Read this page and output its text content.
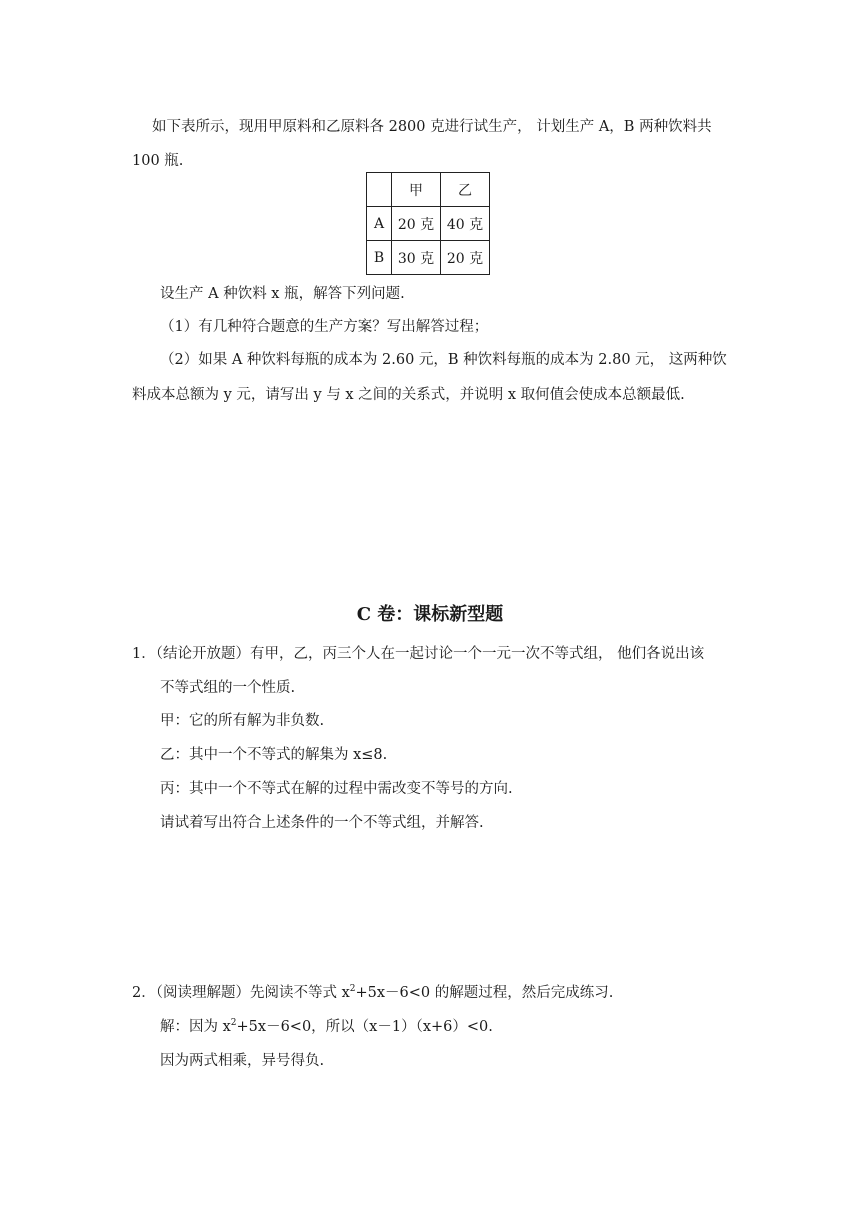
如下表所示，现用甲原料和乙原料各 2800 克进行试生产， 计划生产 A，B 两种饮料共
100 瓶.
	甲	乙
A	20 克	40 克
B	30 克	20 克
设生产 A 种饮料 x 瓶，解答下列问题.
（1）有几种符合题意的生产方案？写出解答过程；
（2）如果 A 种饮料每瓶的成本为 2.60 元，B 种饮料每瓶的成本为 2.80 元， 这两种饮
料成本总额为 y 元，请写出 y 与 x 之间的关系式，并说明 x 取何值会使成本总额最低.
C 卷：课标新型题
1．（结论开放题）有甲，乙，丙三个人在一起讨论一个一元一次不等式组， 他们各说出该
不等式组的一个性质.
甲：它的所有解为非负数.
乙：其中一个不等式的解集为 x≤8.
丙：其中一个不等式在解的过程中需改变不等号的方向.
请试着写出符合上述条件的一个不等式组，并解答.
2．（阅读理解题）先阅读不等式 $x^2+5x-6<0$ 的解题过程，然后完成练习.
解：因为 $x^2+5x-6<0$，所以（x－1）（x+6）<0.
因为两式相乘，异号得负.
